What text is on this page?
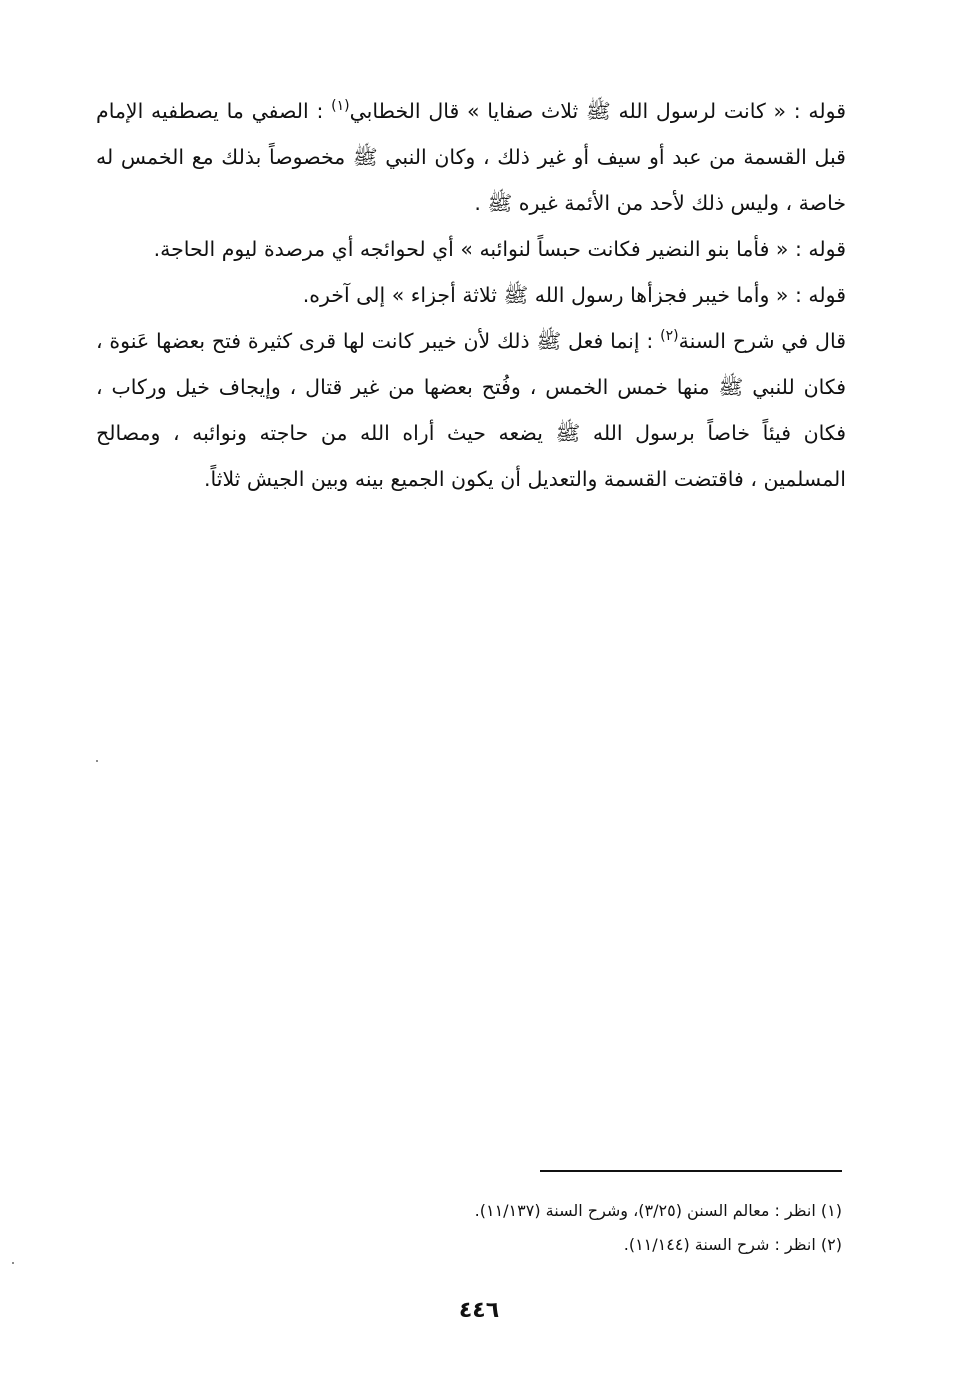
قوله : « كانت لرسول الله ﷺ ثلاث صفايا » قال الخطابي$^{(١)}$ : الصفي ما يصطفيه الإمام قبل القسمة من عبد أو سيف أو غير ذلك ، وكان النبي ﷺ مخصوصاً بذلك مع الخمس له خاصة ، وليس ذلك لأحد من الأئمة غيره ﷺ .

قوله : « فأما بنو النضير فكانت حبساً لنوائبه » أي لحوائجه أي مرصدة ليوم الحاجة.

قوله : « وأما خيبر فجزأها رسول الله ﷺ ثلاثة أجزاء » إلى آخره.

قال في شرح السنة$^{(٢)}$ : إنما فعل ﷺ ذلك لأن خيبر كانت لها قرى كثيرة فتح بعضها عَنوة ، فكان للنبي ﷺ منها خمس الخمس ، وفُتح بعضها من غير قتال ، وإيجاف خيل وركاب ، فكان فيئاً خاصاً برسول الله ﷺ يضعه حيث أراه الله من حاجته ونوائبه ، ومصالح المسلمين ، فاقتضت القسمة والتعديل أن يكون الجميع بينه وبين الجيش ثلاثاً.

(١) انظر : معالم السنن (٣/٢٥)، وشرح السنة (١١/١٣٧).

(٢) انظر : شرح السنة (١١/١٤٤).

٤٤٦
